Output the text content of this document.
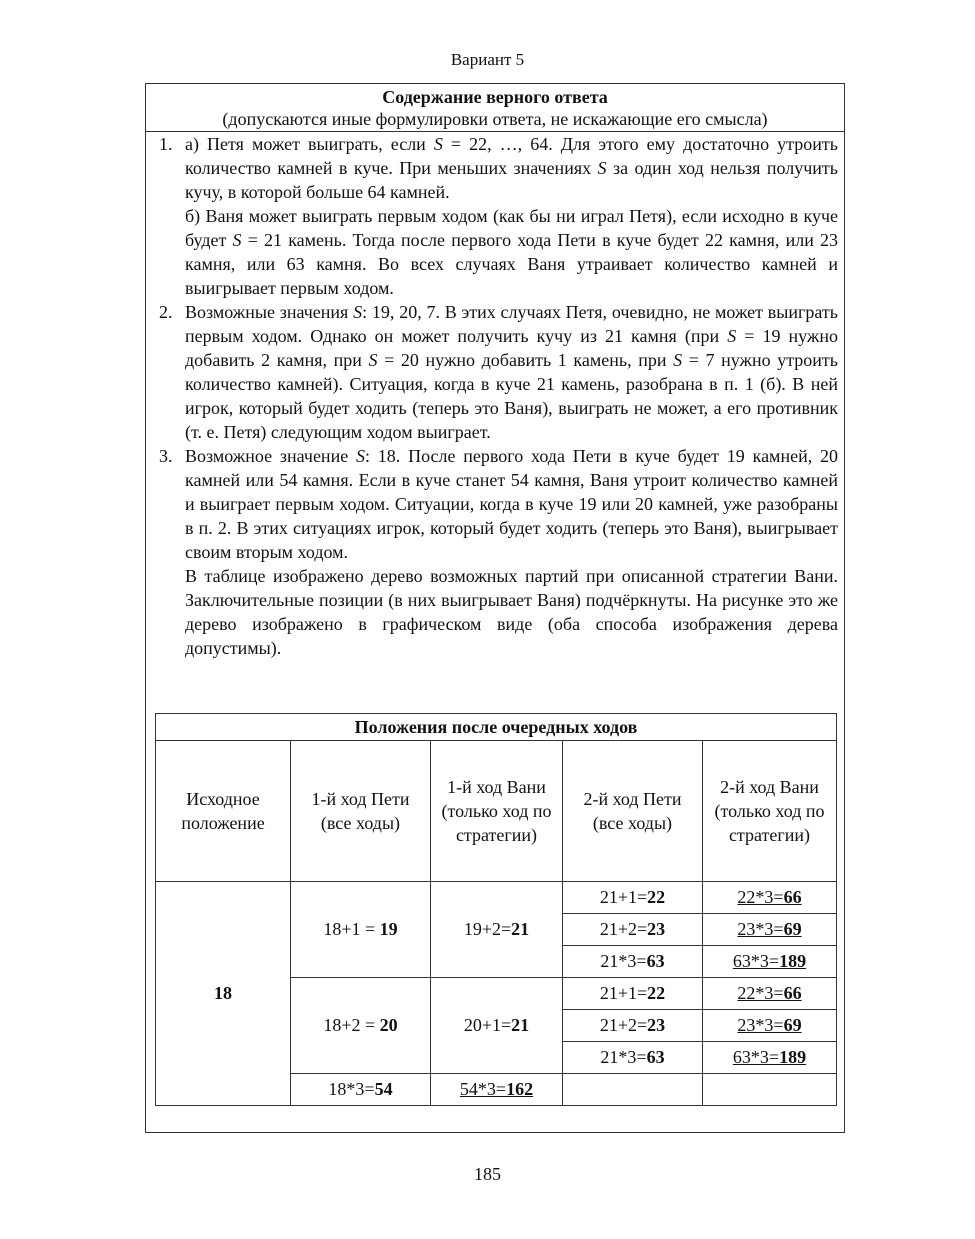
Вариант 5
Содержание верного ответа
(допускаются иные формулировки ответа, не искажающие его смысла)
1. а) Петя может выиграть, если S = 22, …, 64. Для этого ему достаточно утроить количество камней в куче. При меньших значениях S за один ход нельзя получить кучу, в которой больше 64 камней.

б) Ваня может выиграть первым ходом (как бы ни играл Петя), если исходно в куче будет S = 21 камень. Тогда после первого хода Пети в куче будет 22 камня, или 23 камня, или 63 камня. Во всех случаях Ваня утраивает количество камней и выигрывает первым ходом.

2. Возможные значения S: 19, 20, 7. В этих случаях Петя, очевидно, не может выиграть первым ходом. Однако он может получить кучу из 21 камня (при S = 19 нужно добавить 2 камня, при S = 20 нужно добавить 1 камень, при S = 7 нужно утроить количество камней). Ситуация, когда в куче 21 камень, разобрана в п. 1 (б). В ней игрок, который будет ходить (теперь это Ваня), выиграть не может, а его противник (т. е. Петя) следующим ходом выиграет.

3. Возможное значение S: 18. После первого хода Пети в куче будет 19 камней, 20 камней или 54 камня. Если в куче станет 54 камня, Ваня утроит количество камней и выиграет первым ходом. Ситуации, когда в куче 19 или 20 камней, уже разобраны в п. 2. В этих ситуациях игрок, который будет ходить (теперь это Ваня), выигрывает своим вторым ходом.

В таблице изображено дерево возможных партий при описанной стратегии Вани. Заключительные позиции (в них выигрывает Ваня) подчёркнуты. На рисунке это же дерево изображено в графическом виде (оба способа изображения дерева допустимы).

Положения после очередных ходов				
Исходное положение	1-й ход Пети (все ходы)	1-й ход Вани (только ход по стратегии)	2-й ход Пети (все ходы)	2-й ход Вани (только ход по стратегии)
18	18+1 = 19	19+2=21	21+1=22	22*3=66
			21+2=23	23*3=69
			21*3=63	63*3=189
	18+2 = 20	20+1=21	21+1=22	22*3=66
			21+2=23	23*3=69
			21*3=63	63*3=189
	18*3=54	54*3=162		
185
